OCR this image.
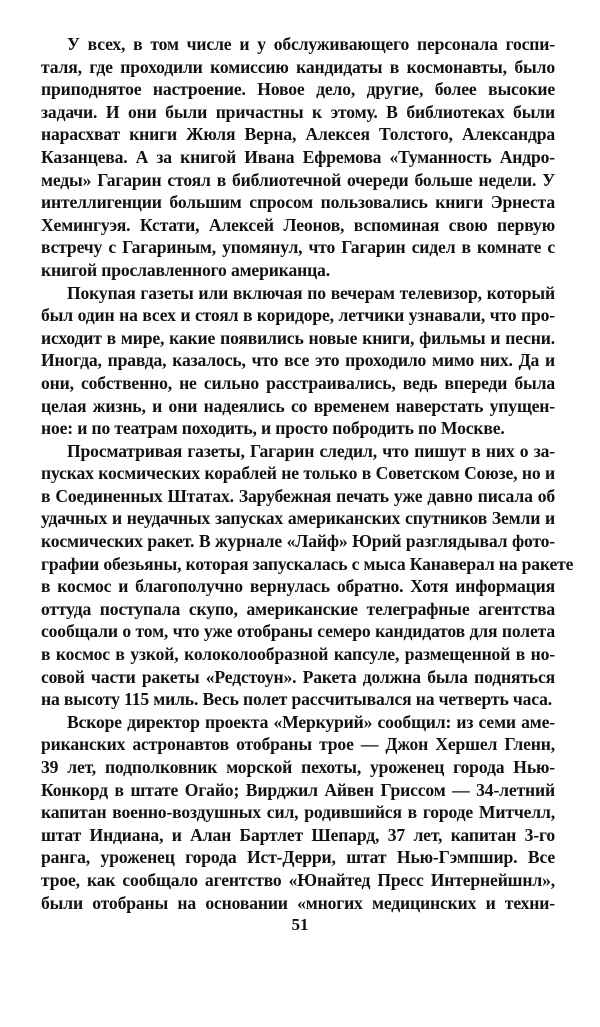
У всех, в том числе и у обслуживающего персонала госпи-
таля, где проходили комиссию кандидаты в космонавты, было
приподнятое настроение. Новое дело, другие, более высокие
задачи. И они были причастны к этому. В библиотеках были
нарасхват книги Жюля Верна, Алексея Толстого, Александра
Казанцева. А за книгой Ивана Ефремова «Туманность Андро-
меды» Гагарин стоял в библиотечной очереди больше недели. У
интеллигенции большим спросом пользовались книги Эрнеста
Хемингуэя. Кстати, Алексей Леонов, вспоминая свою первую
встречу с Гагариным, упомянул, что Гагарин сидел в комнате с
книгой прославленного американца.
Покупая газеты или включая по вечерам телевизор, который
был один на всех и стоял в коридоре, летчики узнавали, что про-
исходит в мире, какие появились новые книги, фильмы и песни.
Иногда, правда, казалось, что все это проходило мимо них. Да и
они, собственно, не сильно расстраивались, ведь впереди была
целая жизнь, и они надеялись со временем наверстать упущен-
ное: и по театрам походить, и просто побродить по Москве.
Просматривая газеты, Гагарин следил, что пишут в них о за-
пусках космических кораблей не только в Советском Союзе, но и
в Соединенных Штатах. Зарубежная печать уже давно писала об
удачных и неудачных запусках американских спутников Земли и
космических ракет. В журнале «Лайф» Юрий разглядывал фото-
графии обезьяны, которая запускалась с мыса Канаверал на ракете
в космос и благополучно вернулась обратно. Хотя информация
оттуда поступала скупо, американские телеграфные агентства
сообщали о том, что уже отобраны семеро кандидатов для полета
в космос в узкой, колоколообразной капсуле, размещенной в но-
совой части ракеты «Редстоун». Ракета должна была подняться
на высоту 115 миль. Весь полет рассчитывался на четверть часа.
Вскоре директор проекта «Меркурий» сообщил: из семи аме-
риканских астронавтов отобраны трое — Джон Хершел Гленн,
39 лет, подполковник морской пехоты, уроженец города Нью-
Конкорд в штате Огайо; Вирджил Айвен Гриссом — 34-летний
капитан военно-воздушных сил, родившийся в городе Митчелл,
штат Индиана, и Алан Бартлет Шепард, 37 лет, капитан 3-го
ранга, уроженец города Ист-Дерри, штат Нью-Гэмпшир. Все
трое, как сообщало агентство «Юнайтед Пресс Интернейшнл»,
были отобраны на основании «многих медицинских и техни-
51
